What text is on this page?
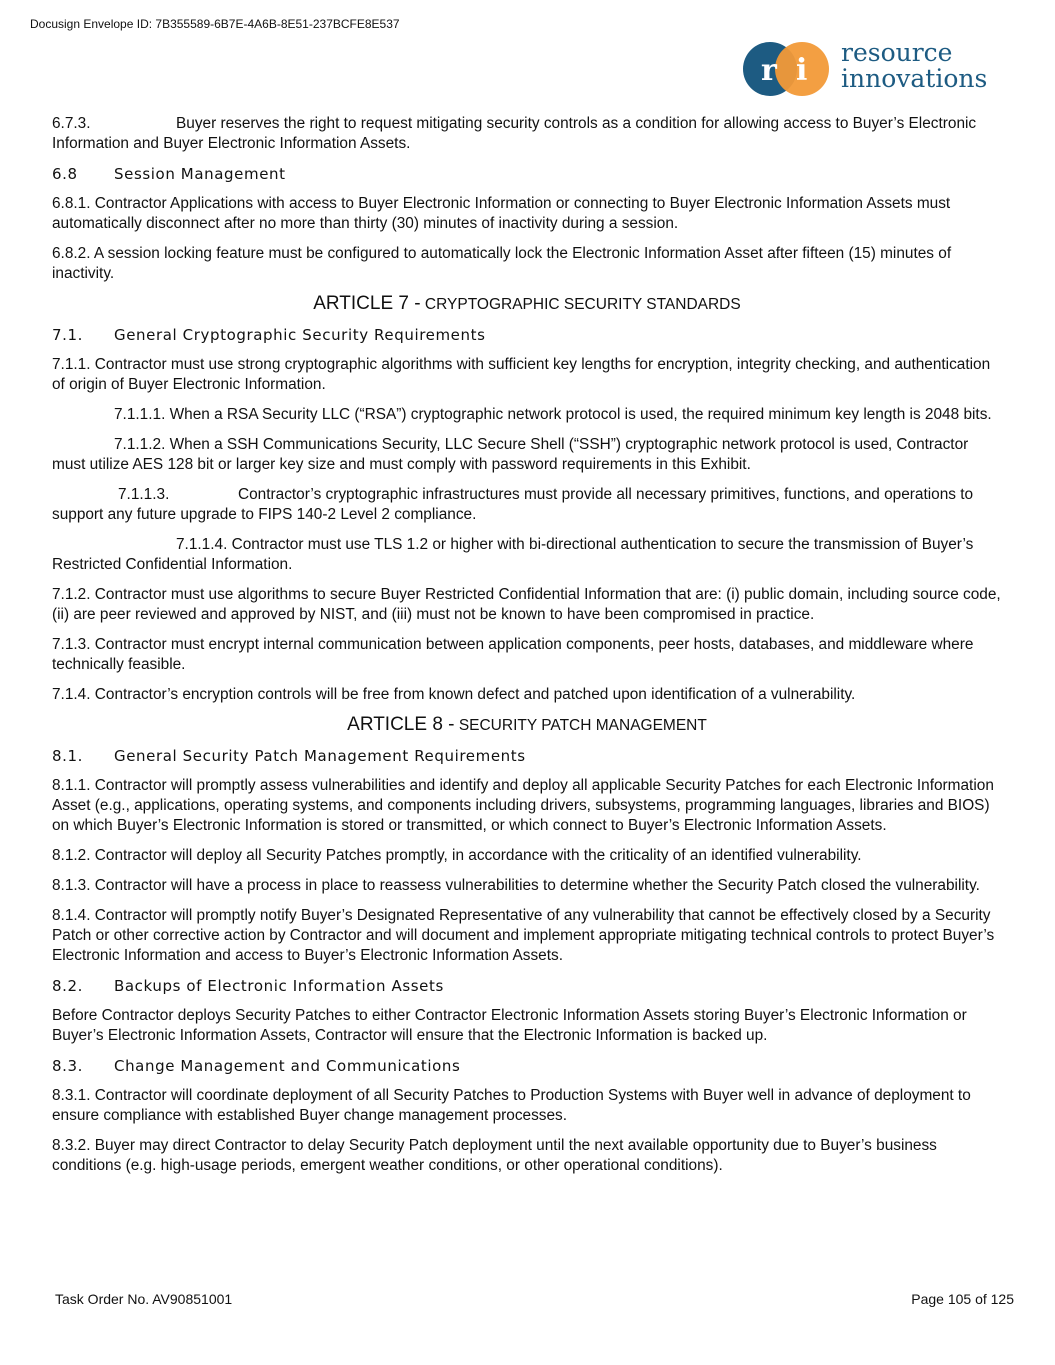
Docusign Envelope ID: 7B355589-6B7E-4A6B-8E51-237BCFE8E537
r i
resource
innovations
6.7.3.	Buyer reserves the right to request mitigating security controls as a condition for allowing access to Buyer’s Electronic Information and Buyer Electronic Information Assets.
6.8 Session Management
6.8.1. Contractor Applications with access to Buyer Electronic Information or connecting to Buyer Electronic Information Assets must automatically disconnect after no more than thirty (30) minutes of inactivity during a session.
6.8.2. A session locking feature must be configured to automatically lock the Electronic Information Asset after fifteen (15) minutes of inactivity.
ARTICLE 7 - CRYPTOGRAPHIC SECURITY STANDARDS
7.1. General Cryptographic Security Requirements
7.1.1. Contractor must use strong cryptographic algorithms with sufficient key lengths for encryption, integrity checking, and authentication of origin of Buyer Electronic Information.
7.1.1.1. When a RSA Security LLC (“RSA”) cryptographic network protocol is used, the required minimum key length is 2048 bits.
7.1.1.2. When a SSH Communications Security, LLC Secure Shell (“SSH”) cryptographic network protocol is used, Contractor must utilize AES 128 bit or larger key size and must comply with password requirements in this Exhibit.
7.1.1.3.	Contractor’s cryptographic infrastructures must provide all necessary primitives, functions, and operations to support any future upgrade to FIPS 140-2 Level 2 compliance.
7.1.1.4. Contractor must use TLS 1.2 or higher with bi-directional authentication to secure the transmission of Buyer’s Restricted Confidential Information.
7.1.2. Contractor must use algorithms to secure Buyer Restricted Confidential Information that are: (i) public domain, including source code, (ii) are peer reviewed and approved by NIST, and (iii) must not be known to have been compromised in practice.
7.1.3. Contractor must encrypt internal communication between application components, peer hosts, databases, and middleware where technically feasible.
7.1.4. Contractor’s encryption controls will be free from known defect and patched upon identification of a vulnerability.
ARTICLE 8 - SECURITY PATCH MANAGEMENT
8.1. General Security Patch Management Requirements
8.1.1. Contractor will promptly assess vulnerabilities and identify and deploy all applicable Security Patches for each Electronic Information Asset (e.g., applications, operating systems, and components including drivers, subsystems, programming languages, libraries and BIOS) on which Buyer’s Electronic Information is stored or transmitted, or which connect to Buyer’s Electronic Information Assets.
8.1.2. Contractor will deploy all Security Patches promptly, in accordance with the criticality of an identified vulnerability.
8.1.3. Contractor will have a process in place to reassess vulnerabilities to determine whether the Security Patch closed the vulnerability.
8.1.4. Contractor will promptly notify Buyer’s Designated Representative of any vulnerability that cannot be effectively closed by a Security Patch or other corrective action by Contractor and will document and implement appropriate mitigating technical controls to protect Buyer’s Electronic Information and access to Buyer’s Electronic Information Assets.
8.2. Backups of Electronic Information Assets
Before Contractor deploys Security Patches to either Contractor Electronic Information Assets storing Buyer’s Electronic Information or Buyer’s Electronic Information Assets, Contractor will ensure that the Electronic Information is backed up.
8.3. Change Management and Communications
8.3.1. Contractor will coordinate deployment of all Security Patches to Production Systems with Buyer well in advance of deployment to ensure compliance with established Buyer change management processes.
8.3.2. Buyer may direct Contractor to delay Security Patch deployment until the next available opportunity due to Buyer’s business conditions (e.g. high-usage periods, emergent weather conditions, or other operational conditions).
Task Order No. AV90851001	Page 105 of 125
